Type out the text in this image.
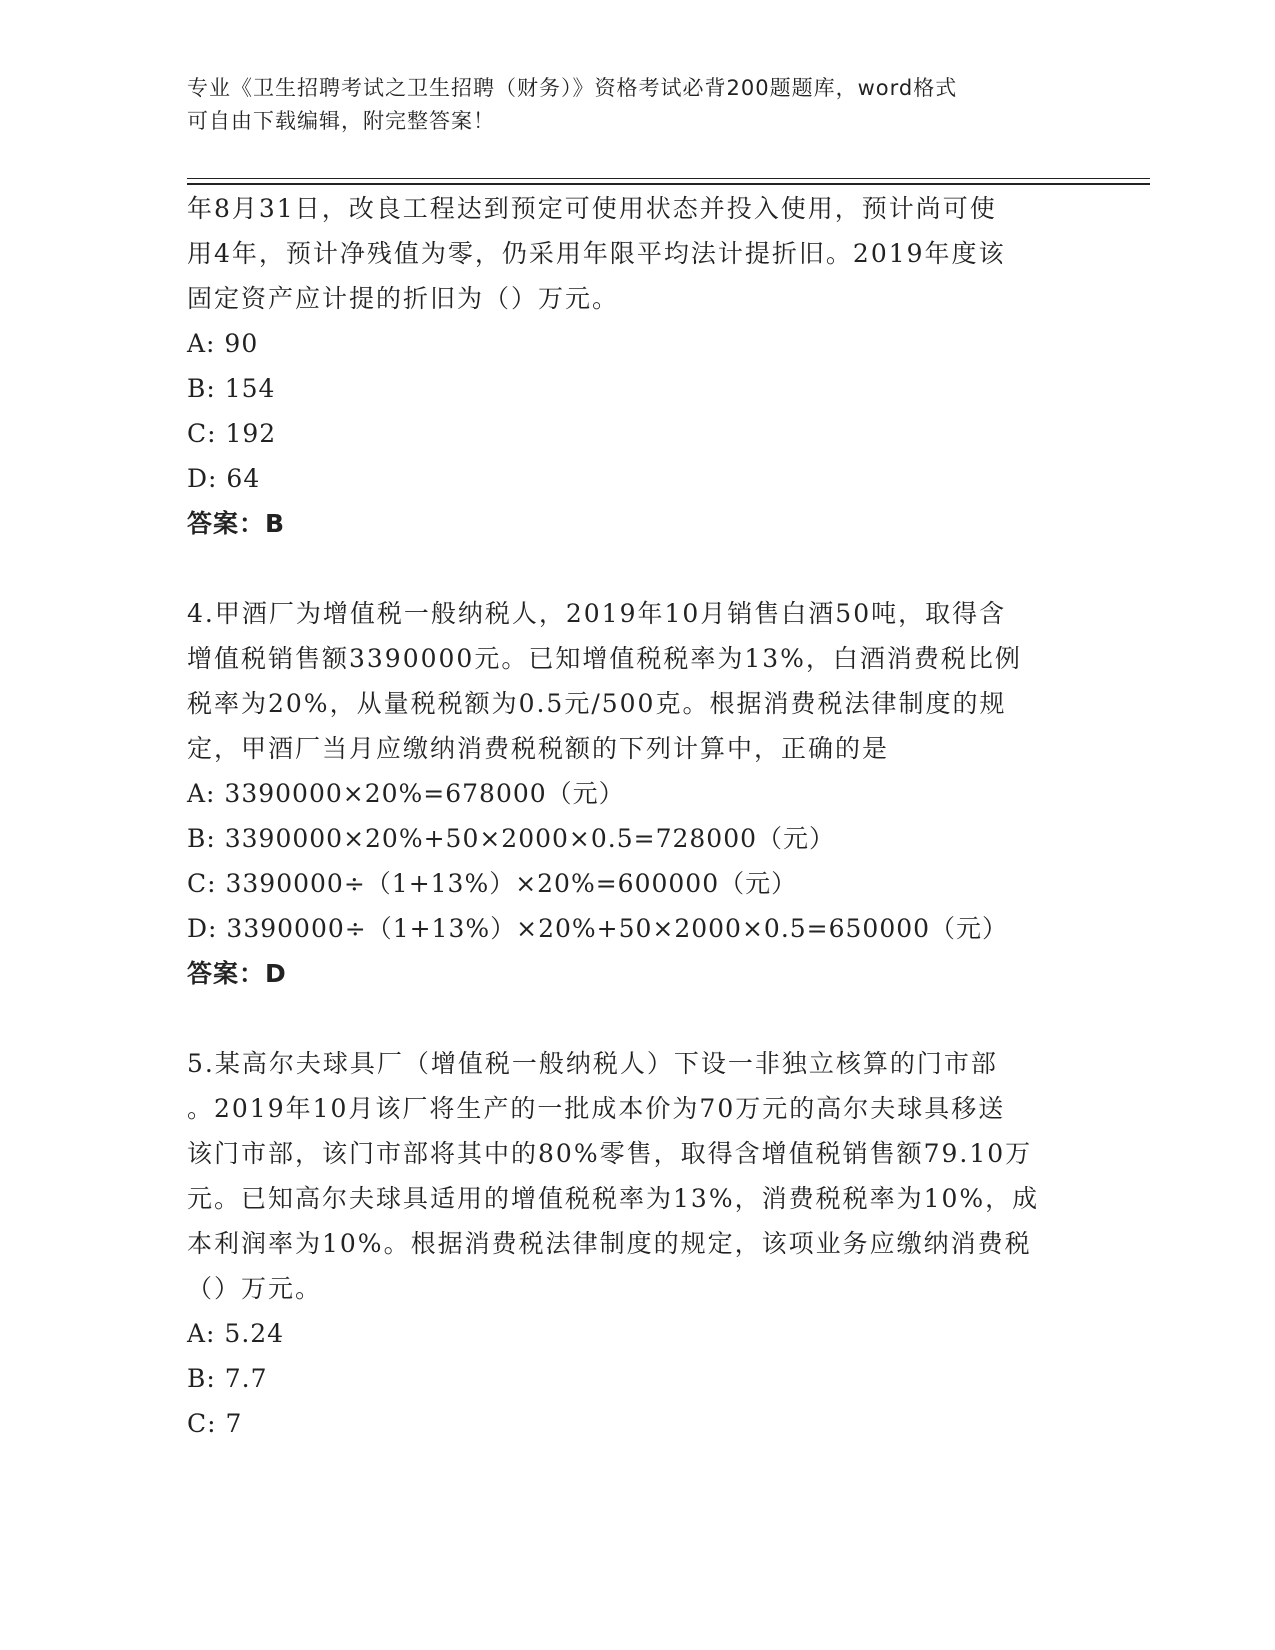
专业《卫生招聘考试之卫生招聘（财务）》资格考试必背200题题库，word格式
可自由下载编辑，附完整答案！
年8月31日，改良工程达到预定可使用状态并投入使用，预计尚可使
用4年，预计净残值为零，仍采用年限平均法计提折旧。2019年度该
固定资产应计提的折旧为（）万元。
A: 90
B: 154
C: 192
D: 64
答案：B
4.甲酒厂为增值税一般纳税人，2019年10月销售白酒50吨，取得含
增值税销售额3390000元。已知增值税税率为13%，白酒消费税比例
税率为20%，从量税税额为0.5元/500克。根据消费税法律制度的规
定，甲酒厂当月应缴纳消费税税额的下列计算中，正确的是
A: 3390000×20%=678000（元）
B: 3390000×20%+50×2000×0.5=728000（元）
C: 3390000÷（1+13%）×20%=600000（元）
D: 3390000÷（1+13%）×20%+50×2000×0.5=650000（元）
答案：D
5.某高尔夫球具厂（增值税一般纳税人）下设一非独立核算的门市部
。2019年10月该厂将生产的一批成本价为70万元的高尔夫球具移送
该门市部，该门市部将其中的80%零售，取得含增值税销售额79.10万
元。已知高尔夫球具适用的增值税税率为13%，消费税税率为10%，成
本利润率为10%。根据消费税法律制度的规定，该项业务应缴纳消费税
（）万元。
A: 5.24
B: 7.7
C: 7
